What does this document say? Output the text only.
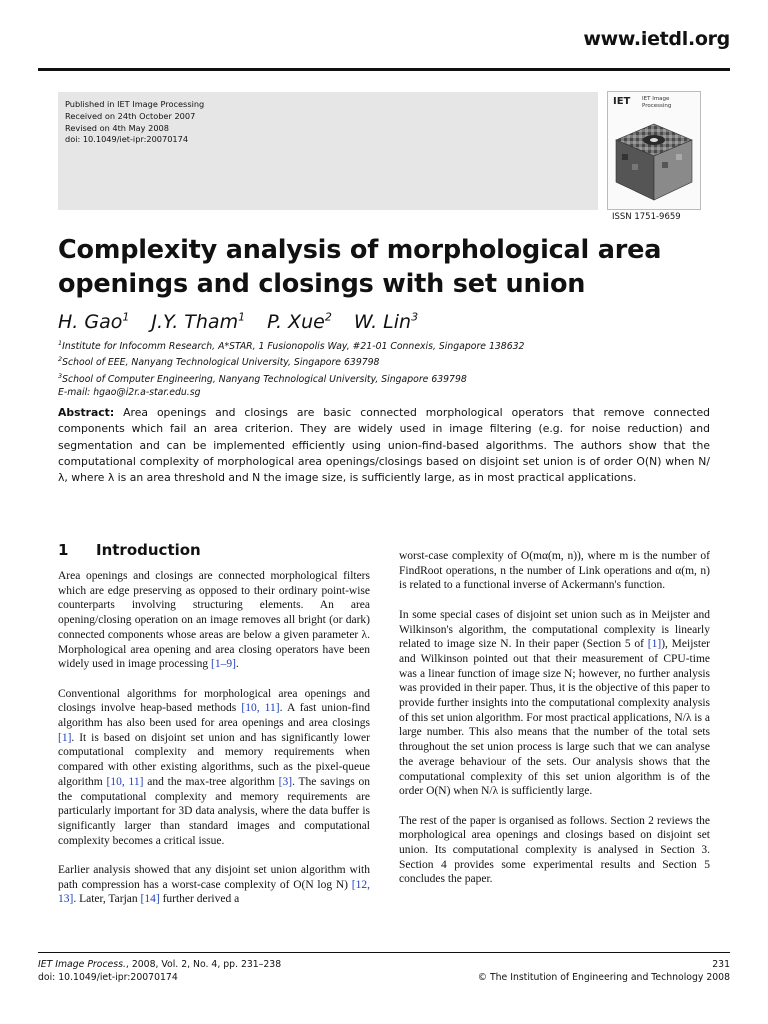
www.ietdl.org
Published in IET Image Processing
Received on 24th October 2007
Revised on 4th May 2008
doi: 10.1049/iet-ipr:20070174
IET IET Image
Processing
ISSN 1751-9659
Complexity analysis of morphological area openings and closings with set union
H. Gao$^1$ J.Y. Tham$^1$ P. Xue$^2$ W. Lin$^3$
$^1$Institute for Infocomm Research, A*STAR, 1 Fusionopolis Way, #21-01 Connexis, Singapore 138632
$^2$School of EEE, Nanyang Technological University, Singapore 639798
$^3$School of Computer Engineering, Nanyang Technological University, Singapore 639798
E-mail: hgao@i2r.a-star.edu.sg
Abstract: Area openings and closings are basic connected morphological operators that remove connected components which fail an area criterion. They are widely used in image filtering (e.g. for noise reduction) and segmentation and can be implemented efficiently using union-find-based algorithms. The authors show that the computational complexity of morphological area openings/closings based on disjoint set union is of order O(N) when N/λ, where λ is an area threshold and N the image size, is sufficiently large, as in most practical applications.
1 Introduction

Area openings and closings are connected morphological filters which are edge preserving as opposed to their ordinary point-wise counterparts involving structuring elements. An area opening/closing operation on an image removes all bright (or dark) connected components whose areas are below a given parameter λ. Morphological area opening and area closing operators have been widely used in image processing [1–9].

Conventional algorithms for morphological area openings and closings involve heap-based methods [10, 11]. A fast union-find algorithm has also been used for area openings and area closings [1]. It is based on disjoint set union and has significantly lower computational complexity and memory requirements when compared with other existing algorithms, such as the pixel-queue algorithm [10, 11] and the max-tree algorithm [3]. The savings on the computational complexity and memory requirements are particularly important for 3D data analysis, where the data buffer is significantly larger than standard images and computational complexity becomes a critical issue.

Earlier analysis showed that any disjoint set union algorithm with path compression has a worst-case complexity of O(N log N) [12, 13]. Later, Tarjan [14] further derived a

worst-case complexity of O(mα(m, n)), where m is the number of FindRoot operations, n the number of Link operations and α(m, n) is related to a functional inverse of Ackermann's function.

In some special cases of disjoint set union such as in Meijster and Wilkinson's algorithm, the computational complexity is linearly related to image size N. In their paper (Section 5 of [1]), Meijster and Wilkinson pointed out that their measurement of CPU-time was a linear function of image size N; however, no further analysis was provided in their paper. Thus, it is the objective of this paper to provide further insights into the computational complexity analysis of this set union algorithm. For most practical applications, N/λ is a large number. This also means that the number of the total sets throughout the set union process is large such that we can analyse the average behaviour of the sets. Our analysis shows that the computational complexity of this set union algorithm is of the order O(N) when N/λ is sufficiently large.

The rest of the paper is organised as follows. Section 2 reviews the morphological area openings and closings based on disjoint set union. Its computational complexity is analysed in Section 3. Section 4 provides some experimental results and Section 5 concludes the paper.

IET Image Process., 2008, Vol. 2, No. 4, pp. 231–238
doi: 10.1049/iet-ipr:20070174
231
© The Institution of Engineering and Technology 2008
